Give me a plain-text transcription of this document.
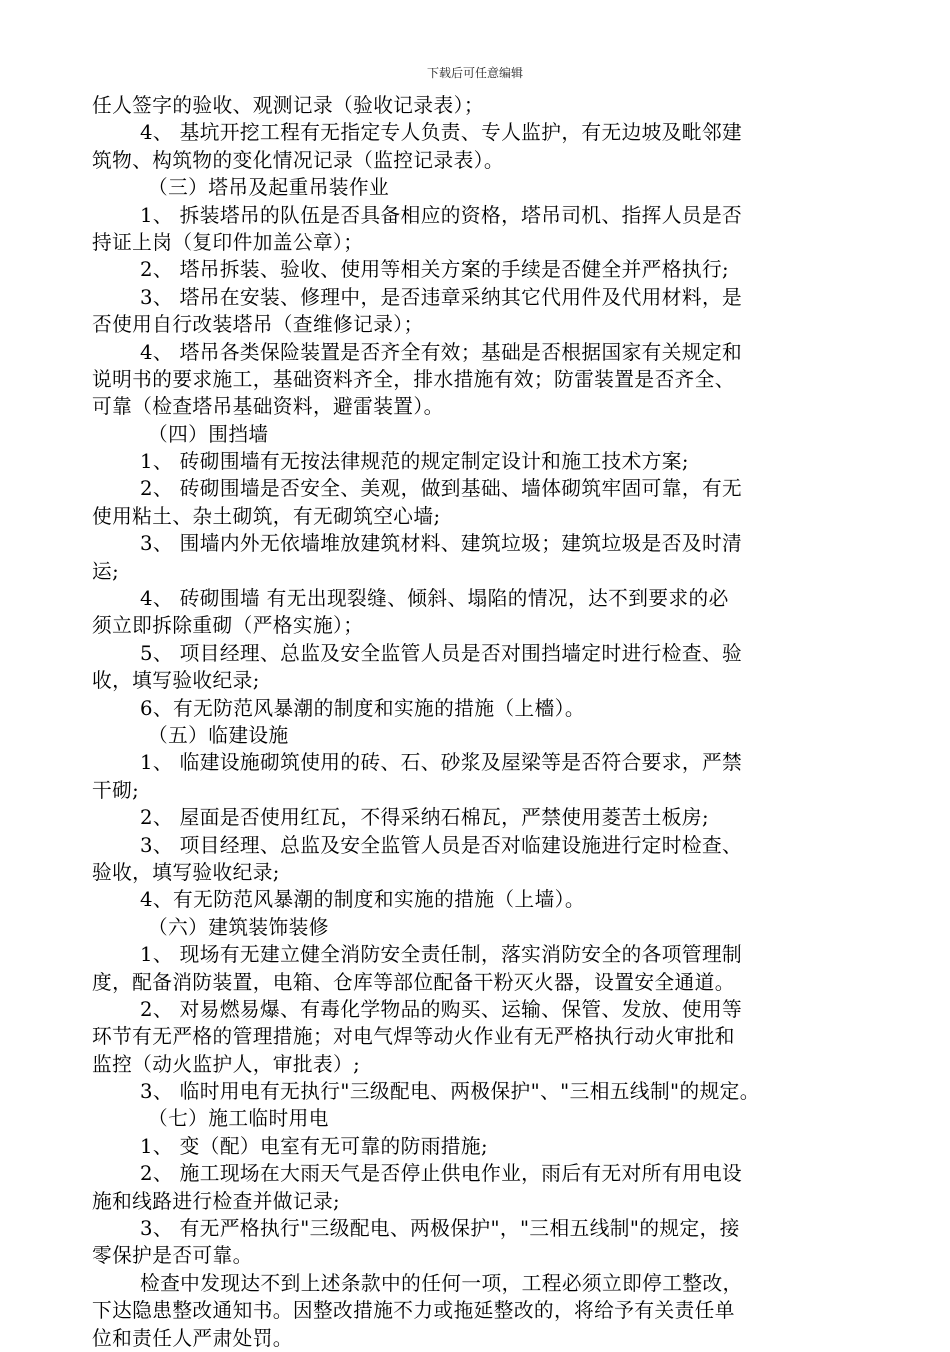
下载后可任意编辑
任人签字的验收、观测记录（验收记录表）；
4、 基坑开挖工程有无指定专人负责、专人监护，有无边坡及毗邻建
筑物、构筑物的变化情况记录（监控记录表）。
（三）塔吊及起重吊装作业
1、 拆装塔吊的队伍是否具备相应的资格，塔吊司机、指挥人员是否
持证上岗（复印件加盖公章）；
2、 塔吊拆装、验收、使用等相关方案的手续是否健全并严格执行;
3、 塔吊在安装、修理中，是否违章采纳其它代用件及代用材料，是
否使用自行改装塔吊（查维修记录）；
4、 塔吊各类保险装置是否齐全有效；基础是否根据国家有关规定和
说明书的要求施工，基础资料齐全，排水措施有效；防雷装置是否齐全、
可靠（检查塔吊基础资料，避雷装置）。
（四）围挡墙
1、 砖砌围墙有无按法律规范的规定制定设计和施工技术方案;
2、 砖砌围墙是否安全、美观，做到基础、墙体砌筑牢固可靠，有无
使用粘土、杂土砌筑，有无砌筑空心墙;
3、 围墙内外无依墙堆放建筑材料、建筑垃圾；建筑垃圾是否及时清
运;
4、 砖砌围墙 有无出现裂缝、倾斜、塌陷的情况，达不到要求的必
须立即拆除重砌（严格实施）；
5、 项目经理、总监及安全监管人员是否对围挡墙定时进行检查、验
收，填写验收纪录;
6、有无防范风暴潮的制度和实施的措施（上檣）。
（五）临建设施
1、 临建设施砌筑使用的砖、石、砂浆及屋梁等是否符合要求，严禁
干砌;
2、 屋面是否使用红瓦，不得采纳石棉瓦，严禁使用菱苦土板房;
3、 项目经理、总监及安全监管人员是否对临建设施进行定时检查、
验收，填写验收纪录;
4、有无防范风暴潮的制度和实施的措施（上墙）。
（六）建筑装饰装修
1、 现场有无建立健全消防安全责任制，落实消防安全的各项管理制
度，配备消防装置，电箱、仓库等部位配备干粉灭火器，设置安全通道。
2、 对易燃易爆、有毒化学物品的购买、运输、保管、发放、使用等
环节有无严格的管理措施；对电气焊等动火作业有无严格执行动火审批和
监控（动火监护人，审批表）;
3、 临时用电有无执行"三级配电、两极保护"、"三相五线制"的规定。
（七）施工临时用电
1、 变（配）电室有无可靠的防雨措施;
2、 施工现场在大雨天气是否停止供电作业，雨后有无对所有用电设
施和线路进行检查并做记录;
3、 有无严格执行"三级配电、两极保护"，"三相五线制"的规定，接
零保护是否可靠。
检查中发现达不到上述条款中的任何一项，工程必须立即停工整改，
下达隐患整改通知书。因整改措施不力或拖延整改的，将给予有关责任单
位和责任人严肃处罚。
